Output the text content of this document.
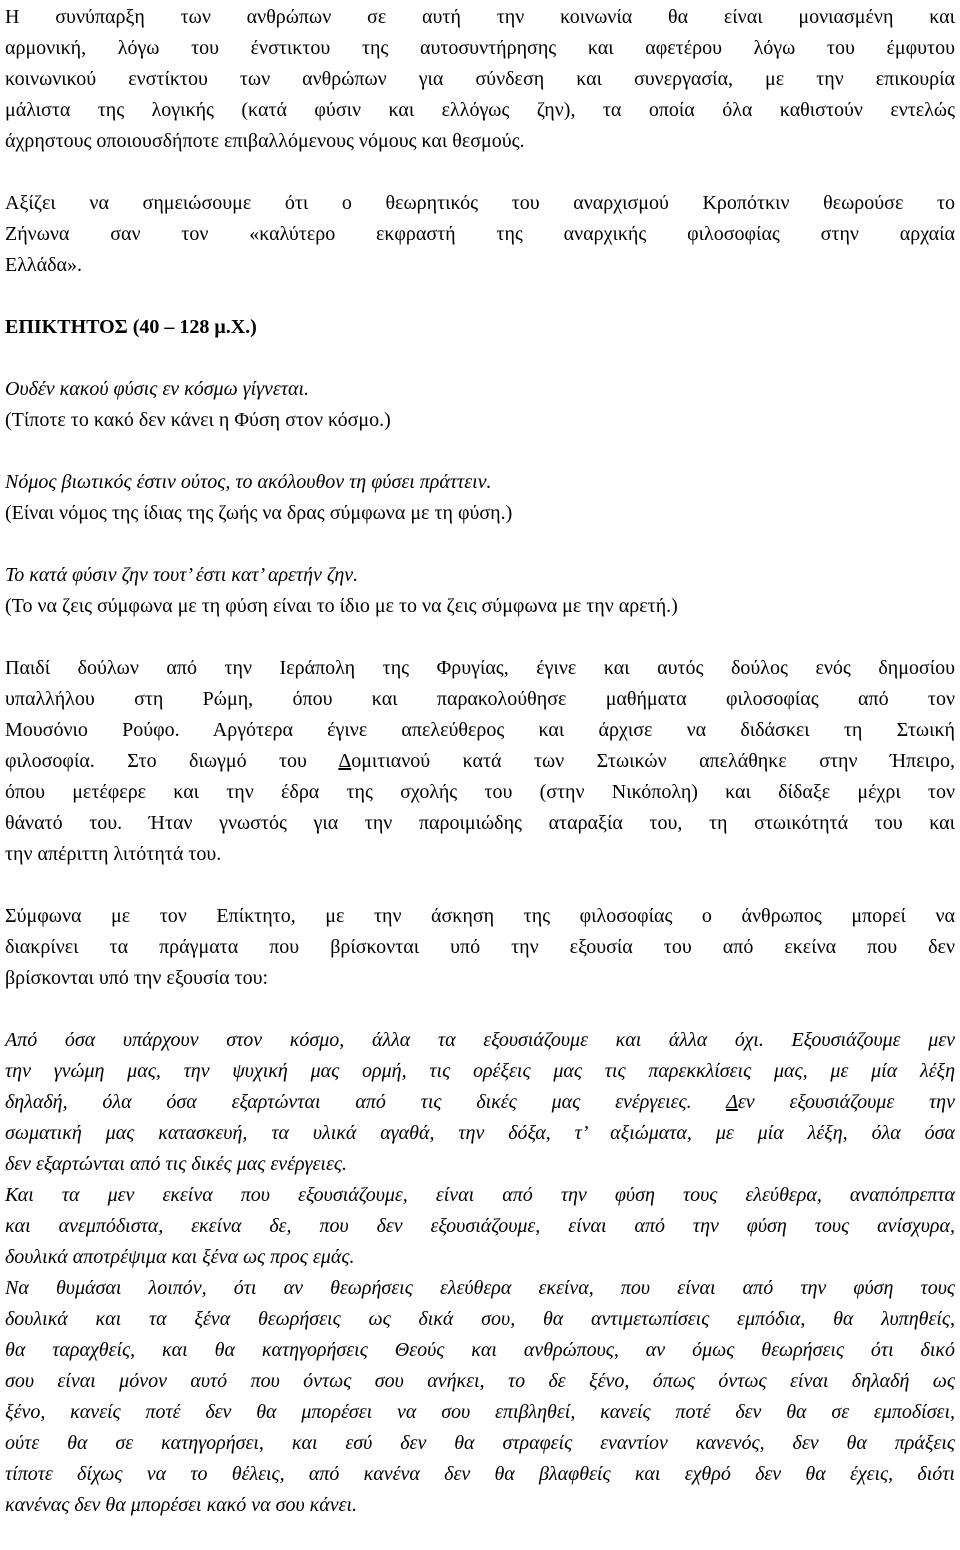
Η συνύπαρξη των ανθρώπων σε αυτή την κοινωνία θα είναι μονιασμένη και
αρμονική, λόγω του ένστικτου της αυτοσυντήρησης και αφετέρου λόγω του έμφυτου
κοινωνικού ενστίκτου των ανθρώπων για σύνδεση και συνεργασία, με την επικουρία
μάλιστα της λογικής (κατά φύσιν και ελλόγως ζην), τα οποία όλα καθιστούν εντελώς
άχρηστους οποιουσδήποτε επιβαλλόμενους νόμους και θεσμούς.
Αξίζει να σημειώσουμε ότι ο θεωρητικός του αναρχισμού Κροπότκιν θεωρούσε το
Ζήνωνα σαν τον «καλύτερο εκφραστή της αναρχικής φιλοσοφίας στην αρχαία
Ελλάδα».

ΕΠΙΚΤΗΤΟΣ (40 – 128 μ.Χ.)

Ουδέν κακού φύσις εν κόσμω γίγνεται.

(Τίποτε το κακό δεν κάνει η Φύση στον κόσμο.)

Νόμος βιωτικός έστιν ούτος, το ακόλουθον τη φύσει πράττειν.

(Είναι νόμος της ίδιας της ζωής να δρας σύμφωνα με τη φύση.)

Το κατά φύσιν ζην τουτ’ έστι κατ’ αρετήν ζην.

(Το να ζεις σύμφωνα με τη φύση είναι το ίδιο με το να ζεις σύμφωνα με την αρετή.)

Παιδί δούλων από την Ιεράπολη της Φρυγίας, έγινε και αυτός δούλος ενός δημοσίου
υπαλλήλου στη Ρώμη, όπου και παρακολούθησε μαθήματα φιλοσοφίας από τον
Μουσόνιο Ρούφο. Αργότερα έγινε απελεύθερος και άρχισε να διδάσκει τη Στωική
φιλοσοφία. Στο διωγμό του Δομιτιανού κατά των Στωικών απελάθηκε στην Ήπειρο,
όπου μετέφερε και την έδρα της σχολής του (στην Νικόπολη) και δίδαξε μέχρι τον
θάνατό του. Ήταν γνωστός για την παροιμιώδης αταραξία του, τη στωικότητά του και
την απέριττη λιτότητά του.
Σύμφωνα με τον Επίκτητο, με την άσκηση της φιλοσοφίας ο άνθρωπος μπορεί να
διακρίνει τα πράγματα που βρίσκονται υπό την εξουσία του από εκείνα που δεν
βρίσκονται υπό την εξουσία του:
Από όσα υπάρχουν στον κόσμο, άλλα τα εξουσιάζουμε και άλλα όχι. Εξουσιάζουμε μεν
την γνώμη μας, την ψυχική μας ορμή, τις ορέξεις μας τις παρεκκλίσεις μας, με μία λέξη
δηλαδή, όλα όσα εξαρτώνται από τις δικές μας ενέργειες. Δεν εξουσιάζουμε την
σωματική μας κατασκευή, τα υλικά αγαθά, την δόξα, τ’ αξιώματα, με μία λέξη, όλα όσα
δεν εξαρτώνται από τις δικές μας ενέργειες.
Και τα μεν εκείνα που εξουσιάζουμε, είναι από την φύση τους ελεύθερα, αναπόπρεπτα
και ανεμπόδιστα, εκείνα δε, που δεν εξουσιάζουμε, είναι από την φύση τους ανίσχυρα,
δουλικά αποτρέψιμα και ξένα ως προς εμάς.
Να θυμάσαι λοιπόν, ότι αν θεωρήσεις ελεύθερα εκείνα, που είναι από την φύση τους
δουλικά και τα ξένα θεωρήσεις ως δικά σου, θα αντιμετωπίσεις εμπόδια, θα λυπηθείς,
θα ταραχθείς, και θα κατηγορήσεις Θεούς και ανθρώπους, αν όμως θεωρήσεις ότι δικό
σου είναι μόνον αυτό που όντως σου ανήκει, το δε ξένο, όπως όντως είναι δηλαδή ως
ξένο, κανείς ποτέ δεν θα μπορέσει να σου επιβληθεί, κανείς ποτέ δεν θα σε εμποδίσει,
ούτε θα σε κατηγορήσει, και εσύ δεν θα στραφείς εναντίον κανενός, δεν θα πράξεις
τίποτε δίχως να το θέλεις, από κανένα δεν θα βλαφθείς και εχθρό δεν θα έχεις, διότι
κανένας δεν θα μπορέσει κακό να σου κάνει.
